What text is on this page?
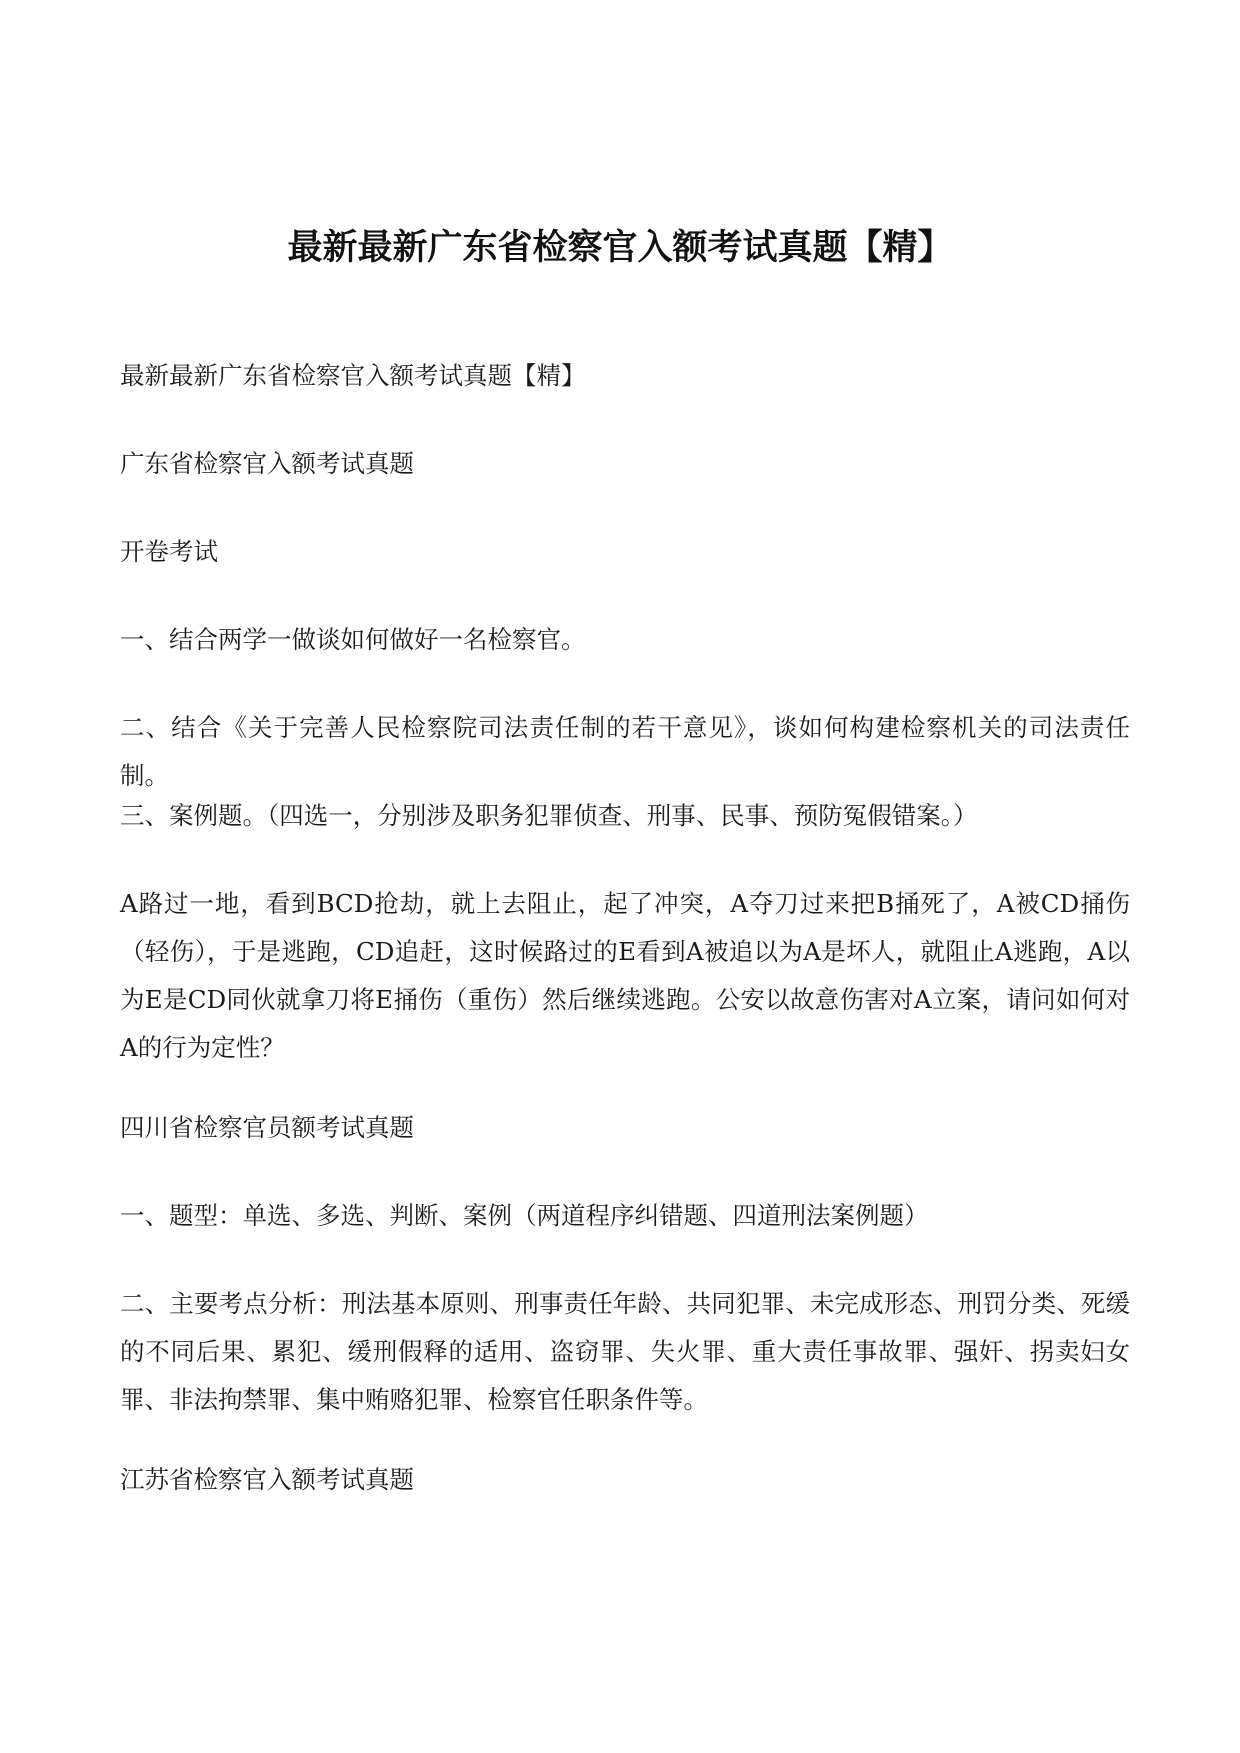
最新最新广东省检察官入额考试真题【精】

最新最新广东省检察官入额考试真题【精】

广东省检察官入额考试真题

开卷考试

一、结合两学一做谈如何做好一名检察官。

二、结合《关于完善人民检察院司法责任制的若干意见》，谈如何构建检察机关的司法责任制。

三、案例题。（四选一，分别涉及职务犯罪侦查、刑事、民事、预防冤假错案。）

A路过一地，看到BCD抢劫，就上去阻止，起了冲突，A夺刀过来把B捅死了，A被CD捅伤（轻伤），于是逃跑，CD追赶，这时候路过的E看到A被追以为A是坏人，就阻止A逃跑，A以为E是CD同伙就拿刀将E捅伤（重伤）然后继续逃跑。公安以故意伤害对A立案，请问如何对A的行为定性？

四川省检察官员额考试真题

一、题型：单选、多选、判断、案例（两道程序纠错题、四道刑法案例题）

二、主要考点分析：刑法基本原则、刑事责任年龄、共同犯罪、未完成形态、刑罚分类、死缓的不同后果、累犯、缓刑假释的适用、盗窃罪、失火罪、重大责任事故罪、强奸、拐卖妇女罪、非法拘禁罪、集中贿赂犯罪、检察官任职条件等。

江苏省检察官入额考试真题
